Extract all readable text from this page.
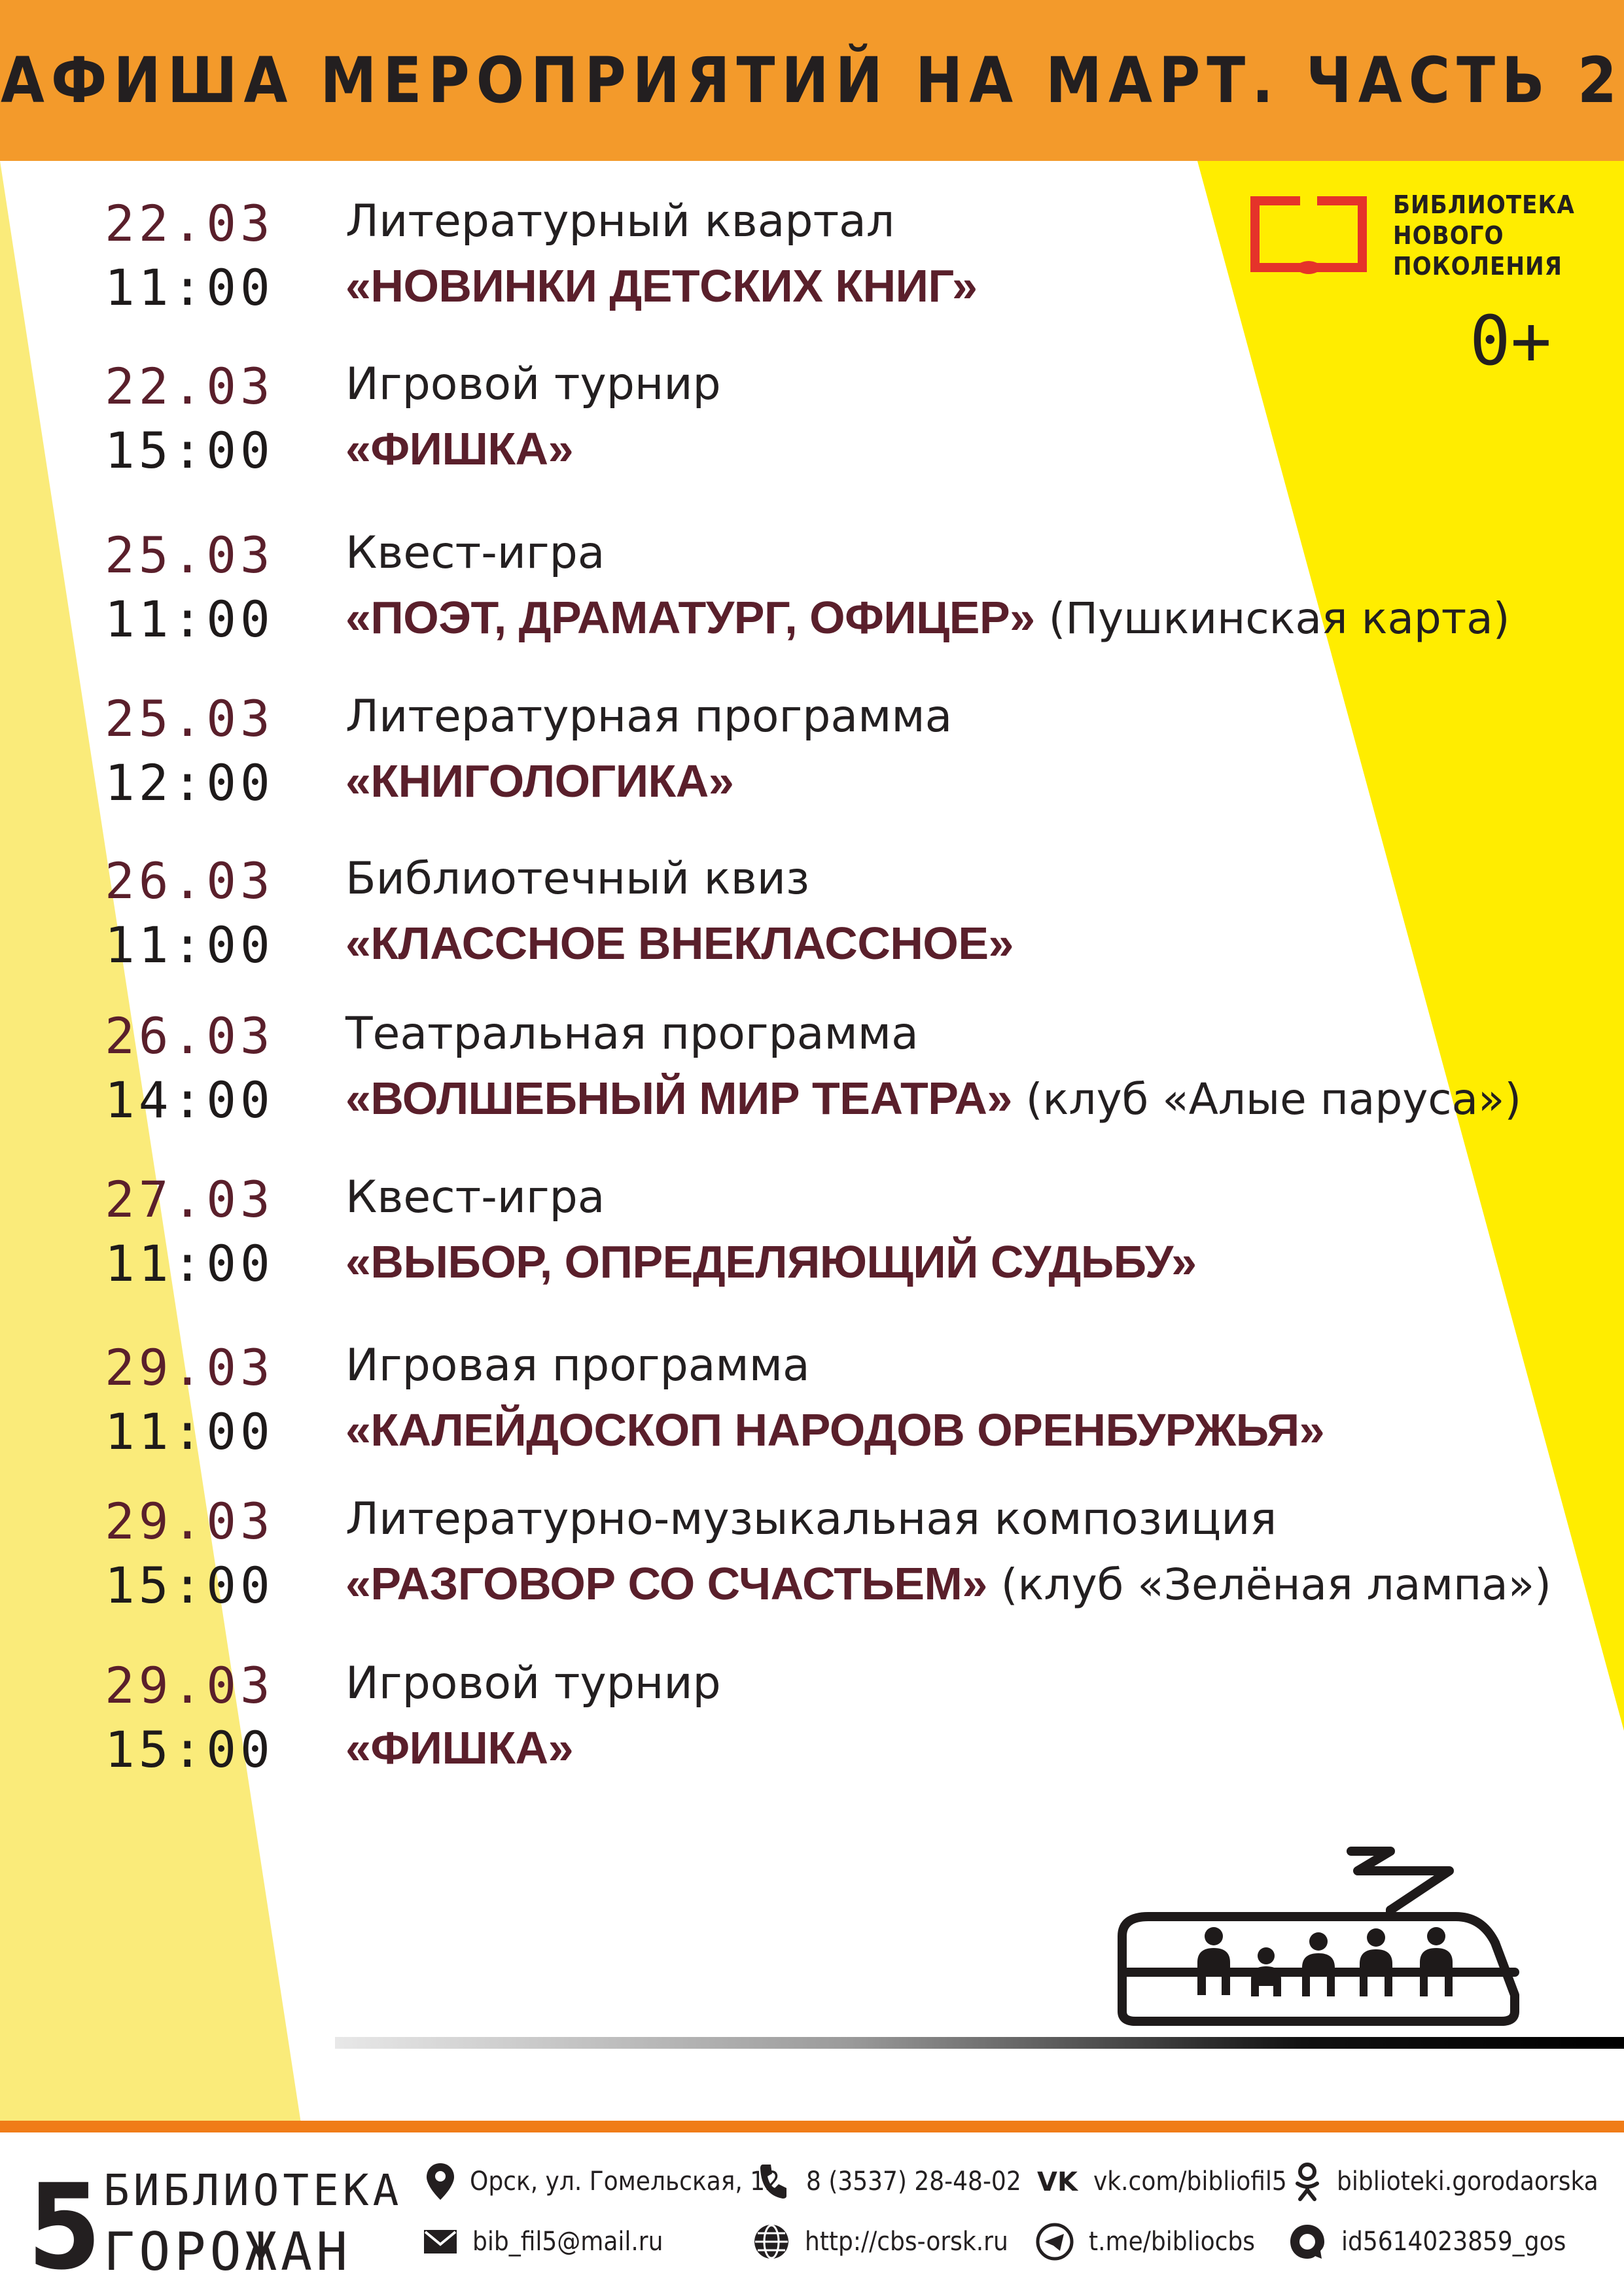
АФИША МЕРОПРИЯТИЙ НА МАРТ. ЧАСТЬ 2
БИБЛИОТЕКА
НОВОГО
ПОКОЛЕНИЯ
0+
22.03
11:00
Литературный квартал
«НОВИНКИ ДЕТСКИХ КНИГ»
22.03
15:00
Игровой турнир
«ФИШКА»
25.03
11:00
Квест-игра
«ПОЭТ, ДРАМАТУРГ, ОФИЦЕР» (Пушкинская карта)
25.03
12:00
Литературная программа
«КНИГОЛОГИКА»
26.03
11:00
Библиотечный квиз
«КЛАССНОЕ ВНЕКЛАССНОЕ»
26.03
14:00
Театральная программа
«ВОЛШЕБНЫЙ МИР ТЕАТРА» (клуб «Алые паруса»)
27.03
11:00
Квест-игра
«ВЫБОР, ОПРЕДЕЛЯЮЩИЙ СУДЬБУ»
29.03
11:00
Игровая программа
«КАЛЕЙДОСКОП НАРОДОВ ОРЕНБУРЖЬЯ»
29.03
15:00
Литературно-музыкальная композиция
«РАЗГОВОР СО СЧАСТЬЕМ» (клуб «Зелёная лампа»)
29.03
15:00
Игровой турнир
«ФИШКА»
5 БИБЛИОТЕКА
ГОРОЖАН
Орск, ул. Гомельская, 12
bib_fil5@mail.ru
8 (3537) 28-48-02
http://cbs-orsk.ru
VK vk.com/bibliofil5
t.me/bibliocbs
biblioteki.gorodaorska
id5614023859_gos
